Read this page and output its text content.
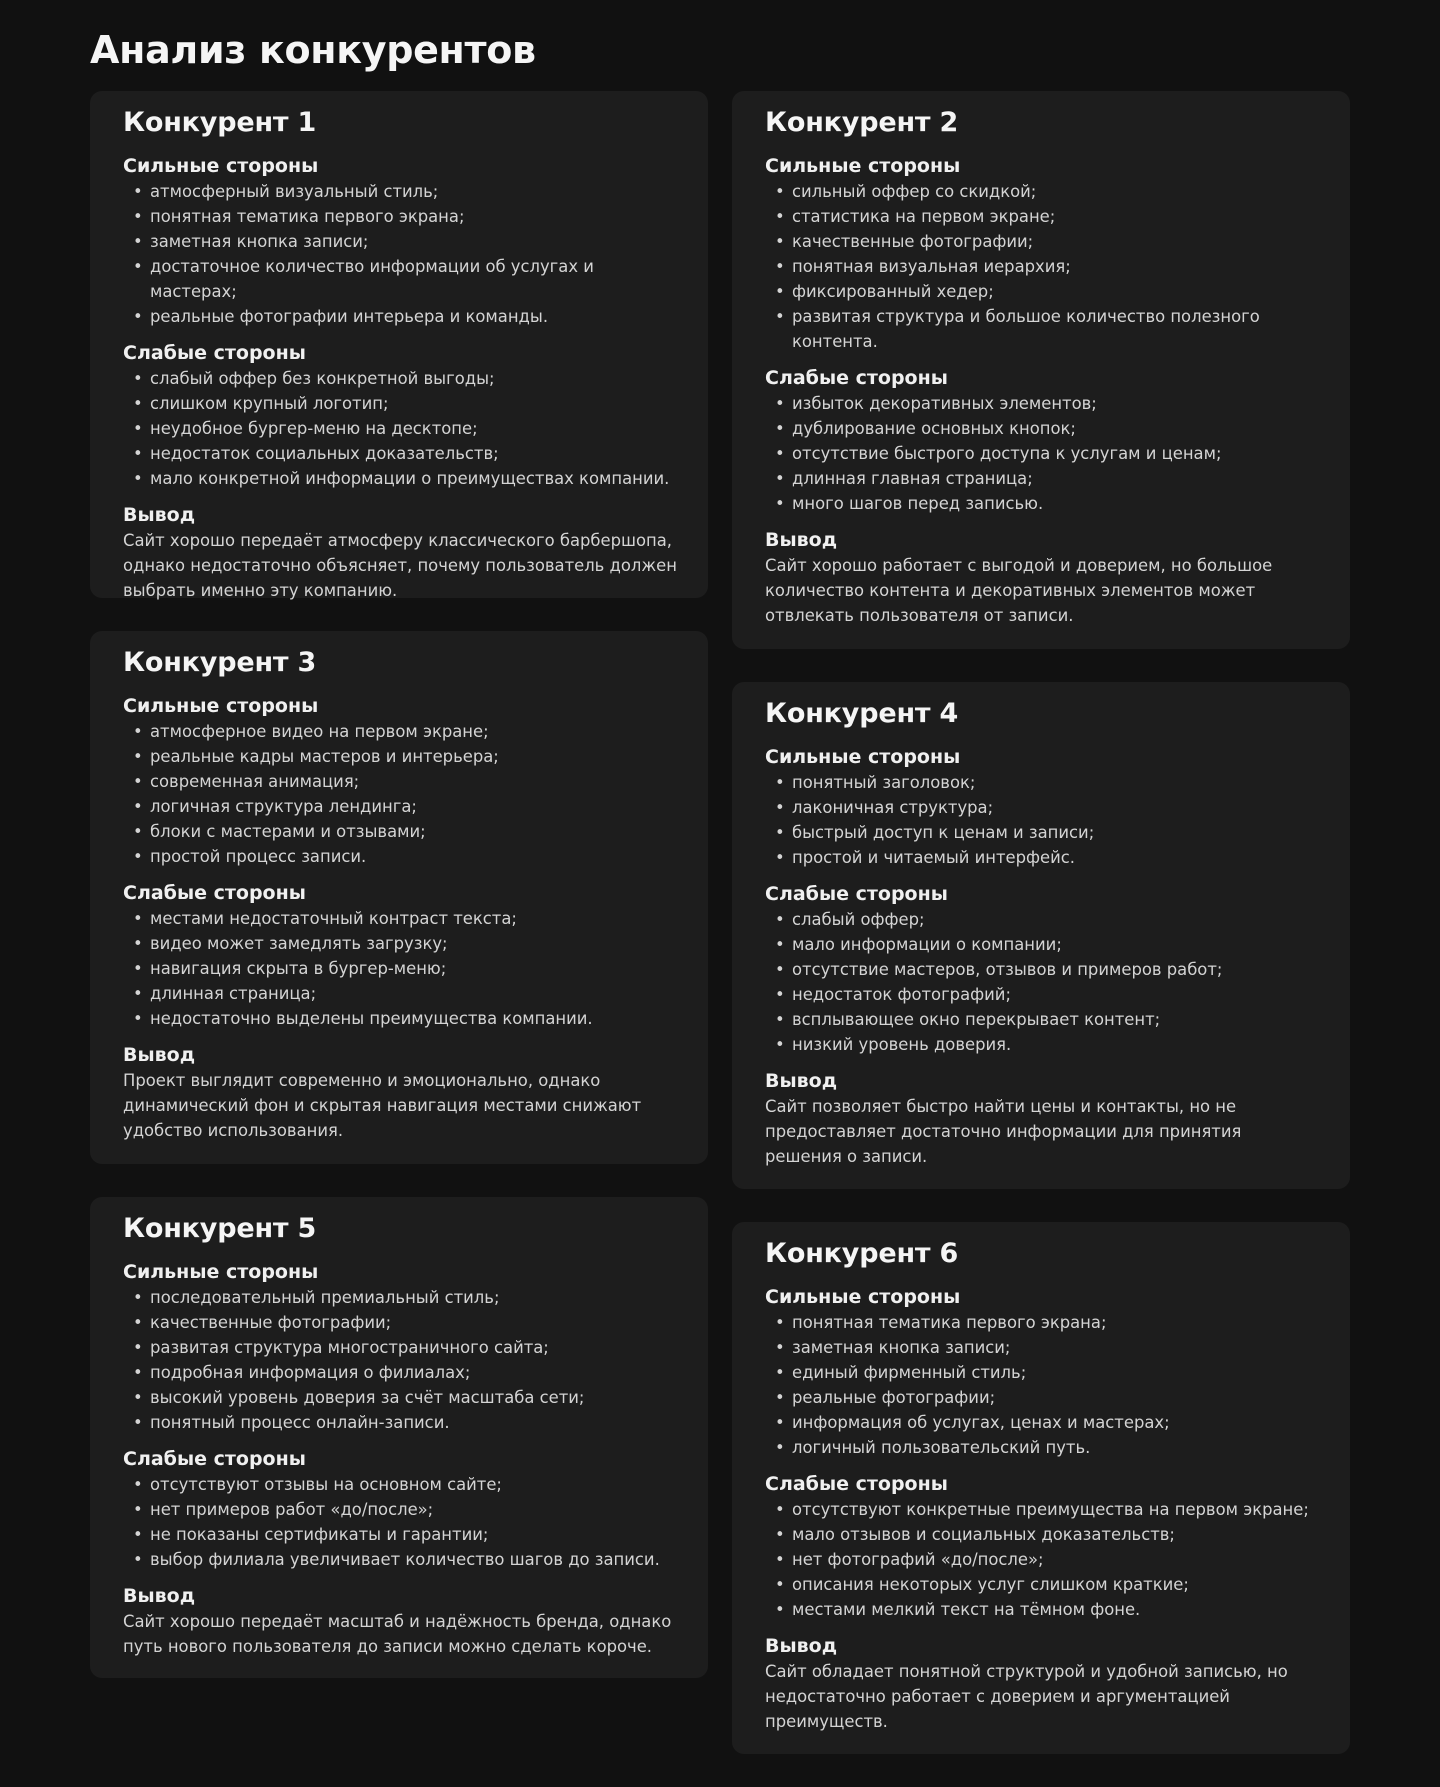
Анализ конкурентов
Конкурент 1
Сильные стороны
• атмосферный визуальный стиль;
• понятная тематика первого экрана;
• заметная кнопка записи;
• достаточное количество информации об услугах и мастерах;
• реальные фотографии интерьера и команды.
Слабые стороны
• слабый оффер без конкретной выгоды;
• слишком крупный логотип;
• неудобное бургер-меню на десктопе;
• недостаток социальных доказательств;
• мало конкретной информации о преимуществах компании.
Вывод

Сайт хорошо передаёт атмосферу классического барбершопа, однако недостаточно объясняет, почему пользователь должен выбрать именно эту компанию.

Конкурент 2
Сильные стороны
• сильный оффер со скидкой;
• статистика на первом экране;
• качественные фотографии;
• понятная визуальная иерархия;
• фиксированный хедер;
• развитая структура и большое количество полезного контента.
Слабые стороны
• избыток декоративных элементов;
• дублирование основных кнопок;
• отсутствие быстрого доступа к услугам и ценам;
• длинная главная страница;
• много шагов перед записью.
Вывод

Сайт хорошо работает с выгодой и доверием, но большое количество контента и декоративных элементов может отвлекать пользователя от записи.

Конкурент 3
Сильные стороны
• атмосферное видео на первом экране;
• реальные кадры мастеров и интерьера;
• современная анимация;
• логичная структура лендинга;
• блоки с мастерами и отзывами;
• простой процесс записи.
Слабые стороны
• местами недостаточный контраст текста;
• видео может замедлять загрузку;
• навигация скрыта в бургер-меню;
• длинная страница;
• недостаточно выделены преимущества компании.
Вывод

Проект выглядит современно и эмоционально, однако динамический фон и скрытая навигация местами снижают удобство использования.

Конкурент 4
Сильные стороны
• понятный заголовок;
• лаконичная структура;
• быстрый доступ к ценам и записи;
• простой и читаемый интерфейс.
Слабые стороны
• слабый оффер;
• мало информации о компании;
• отсутствие мастеров, отзывов и примеров работ;
• недостаток фотографий;
• всплывающее окно перекрывает контент;
• низкий уровень доверия.
Вывод

Сайт позволяет быстро найти цены и контакты, но не предоставляет достаточно информации для принятия решения о записи.

Конкурент 5
Сильные стороны
• последовательный премиальный стиль;
• качественные фотографии;
• развитая структура многостраничного сайта;
• подробная информация о филиалах;
• высокий уровень доверия за счёт масштаба сети;
• понятный процесс онлайн-записи.
Слабые стороны
• отсутствуют отзывы на основном сайте;
• нет примеров работ «до/после»;
• не показаны сертификаты и гарантии;
• выбор филиала увеличивает количество шагов до записи.
Вывод

Сайт хорошо передаёт масштаб и надёжность бренда, однако путь нового пользователя до записи можно сделать короче.

Конкурент 6
Сильные стороны
• понятная тематика первого экрана;
• заметная кнопка записи;
• единый фирменный стиль;
• реальные фотографии;
• информация об услугах, ценах и мастерах;
• логичный пользовательский путь.
Слабые стороны
• отсутствуют конкретные преимущества на первом экране;
• мало отзывов и социальных доказательств;
• нет фотографий «до/после»;
• описания некоторых услуг слишком краткие;
• местами мелкий текст на тёмном фоне.
Вывод

Сайт обладает понятной структурой и удобной записью, но недостаточно работает с доверием и аргументацией преимуществ.
